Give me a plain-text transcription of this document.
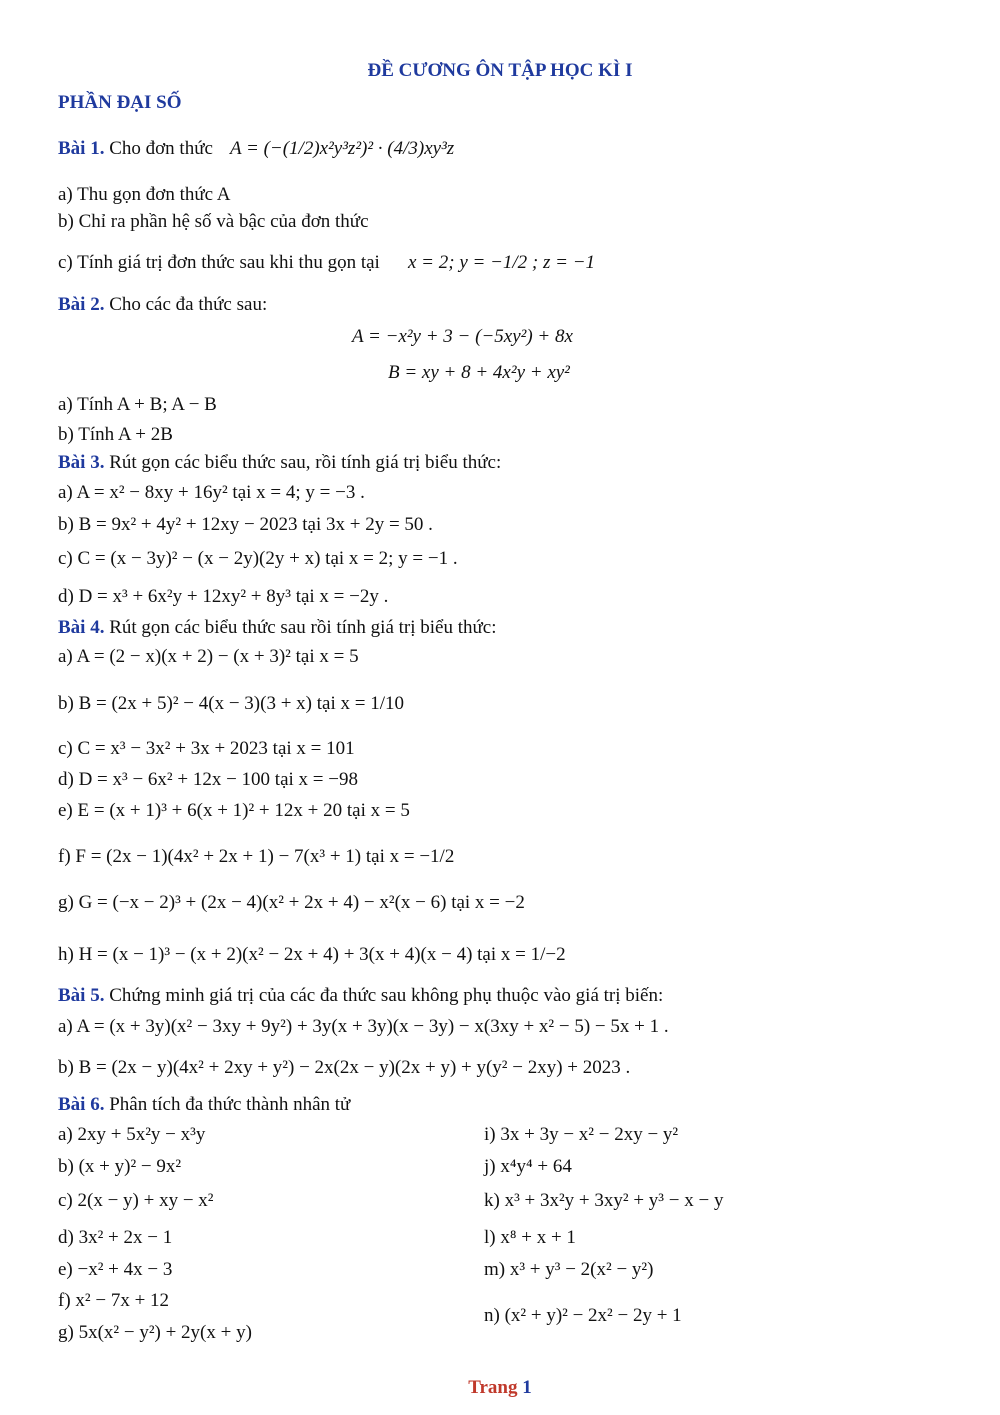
ĐỀ CƯƠNG ÔN TẬP HỌC KÌ I
PHẦN ĐẠI SỐ
Bài 1. Cho đơn thức A = (−(1/2)x²y³z²)² · (4/3)xy³z
a) Thu gọn đơn thức A
b) Chỉ ra phần hệ số và bậc của đơn thức
c) Tính giá trị đơn thức sau khi thu gọn tại x = 2; y = −1/2 ; z = −1
Bài 2. Cho các đa thức sau:
A = −x²y + 3 − (−5xy²) + 8x
B = xy + 8 + 4x²y + xy²
a) Tính A + B; A − B
b) Tính A + 2B
Bài 3. Rút gọn các biểu thức sau, rồi tính giá trị biểu thức:
a) A = x² − 8xy + 16y² tại x = 4; y = −3 .
b) B = 9x² + 4y² + 12xy − 2023 tại 3x + 2y = 50 .
c) C = (x − 3y)² − (x − 2y)(2y + x) tại x = 2; y = −1 .
d) D = x³ + 6x²y + 12xy² + 8y³ tại x = −2y .
Bài 4. Rút gọn các biểu thức sau rồi tính giá trị biểu thức:
a) A = (2 − x)(x + 2) − (x + 3)² tại x = 5
b) B = (2x + 5)² − 4(x − 3)(3 + x) tại x = 1/10
c) C = x³ − 3x² + 3x + 2023 tại x = 101
d) D = x³ − 6x² + 12x − 100 tại x = −98
e) E = (x + 1)³ + 6(x + 1)² + 12x + 20 tại x = 5
f) F = (2x − 1)(4x² + 2x + 1) − 7(x³ + 1) tại x = −1/2
g) G = (−x − 2)³ + (2x − 4)(x² + 2x + 4) − x²(x − 6) tại x = −2
h) H = (x − 1)³ − (x + 2)(x² − 2x + 4) + 3(x + 4)(x − 4) tại x = 1/−2
Bài 5. Chứng minh giá trị của các đa thức sau không phụ thuộc vào giá trị biến:
a) A = (x + 3y)(x² − 3xy + 9y²) + 3y(x + 3y)(x − 3y) − x(3xy + x² − 5) − 5x + 1 .
b) B = (2x − y)(4x² + 2xy + y²) − 2x(2x − y)(2x + y) + y(y² − 2xy) + 2023 .
Bài 6. Phân tích đa thức thành nhân tử
a) 2xy + 5x²y − x³y
b) (x + y)² − 9x²
c) 2(x − y) + xy − x²
d) 3x² + 2x − 1
e) −x² + 4x − 3
f) x² − 7x + 12
g) 5x(x² − y²) + 2y(x + y)
i) 3x + 3y − x² − 2xy − y²
j) x⁴y⁴ + 64
k) x³ + 3x²y + 3xy² + y³ − x − y
l) x⁸ + x + 1
m) x³ + y³ − 2(x² − y²)
n) (x² + y)² − 2x² − 2y + 1
Trang 1
